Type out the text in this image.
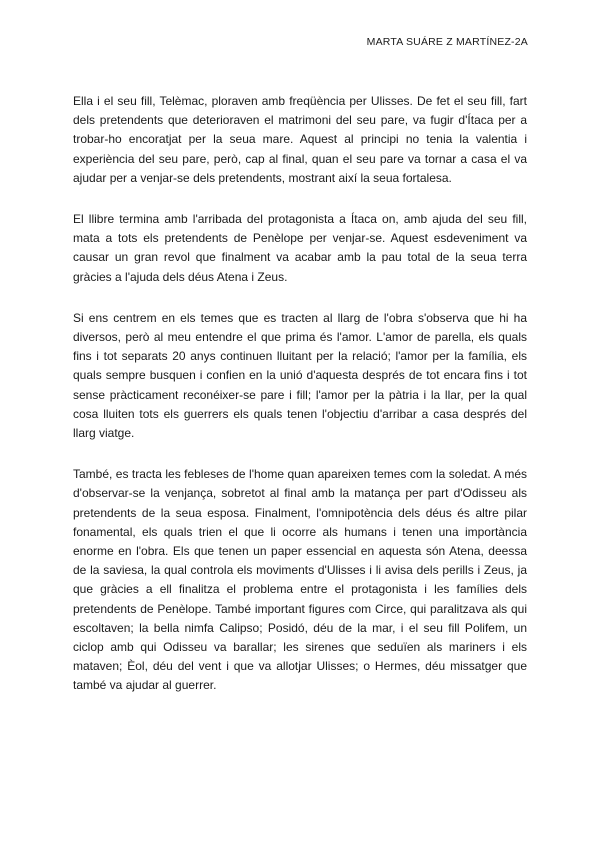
MARTA SUÁRE Z MARTÍNEZ-2A

Ella i el seu fill, Telèmac, ploraven amb freqüència per Ulisses. De fet el seu fill, fart dels pretendents que deterioraven el matrimoni del seu pare, va fugir d'Ítaca per a trobar-ho encoratjat per la seua mare. Aquest al principi no tenia la valentia i experiència del seu pare, però, cap al final, quan el seu pare va tornar a casa el va ajudar per a venjar-se dels pretendents, mostrant així la seua fortalesa.

El llibre termina amb l'arribada del protagonista a Ítaca on, amb ajuda del seu fill, mata a tots els pretendents de Penèlope per venjar-se. Aquest esdeveniment va causar un gran revol que finalment va acabar amb la pau total de la seua terra gràcies a l'ajuda dels déus Atena i Zeus.

Si ens centrem en els temes que es tracten al llarg de l'obra s'observa que hi ha diversos, però al meu entendre el que prima és l'amor. L'amor de parella, els quals fins i tot separats 20 anys continuen lluitant per la relació; l'amor per la família, els quals sempre busquen i confien en la unió d'aquesta després de tot encara fins i tot sense pràcticament reconéixer-se pare i fill; l'amor per la pàtria i la llar, per la qual cosa lluiten tots els guerrers els quals tenen l'objectiu d'arribar a casa després del llarg viatge.

També, es tracta les febleses de l'home quan apareixen temes com la soledat. A més d'observar-se la venjança, sobretot al final amb la matança per part d'Odisseu als pretendents de la seua esposa. Finalment, l'omnipotència dels déus és altre pilar fonamental, els quals trien el que li ocorre als humans i tenen una importància enorme en l'obra. Els que tenen un paper essencial en aquesta són Atena, deessa de la saviesa, la qual controla els moviments d'Ulisses i li avisa dels perills i Zeus, ja que gràcies a ell finalitza el problema entre el protagonista i les famílies dels pretendents de Penèlope. També important figures com Circe, qui paralitzava als qui escoltaven; la bella nimfa Calipso; Posidó, déu de la mar, i el seu fill Polifem, un ciclop amb qui Odisseu va barallar; les sirenes que seduïen als mariners i els mataven; Èol, déu del vent i que va allotjar Ulisses; o Hermes, déu missatger que també va ajudar al guerrer.
